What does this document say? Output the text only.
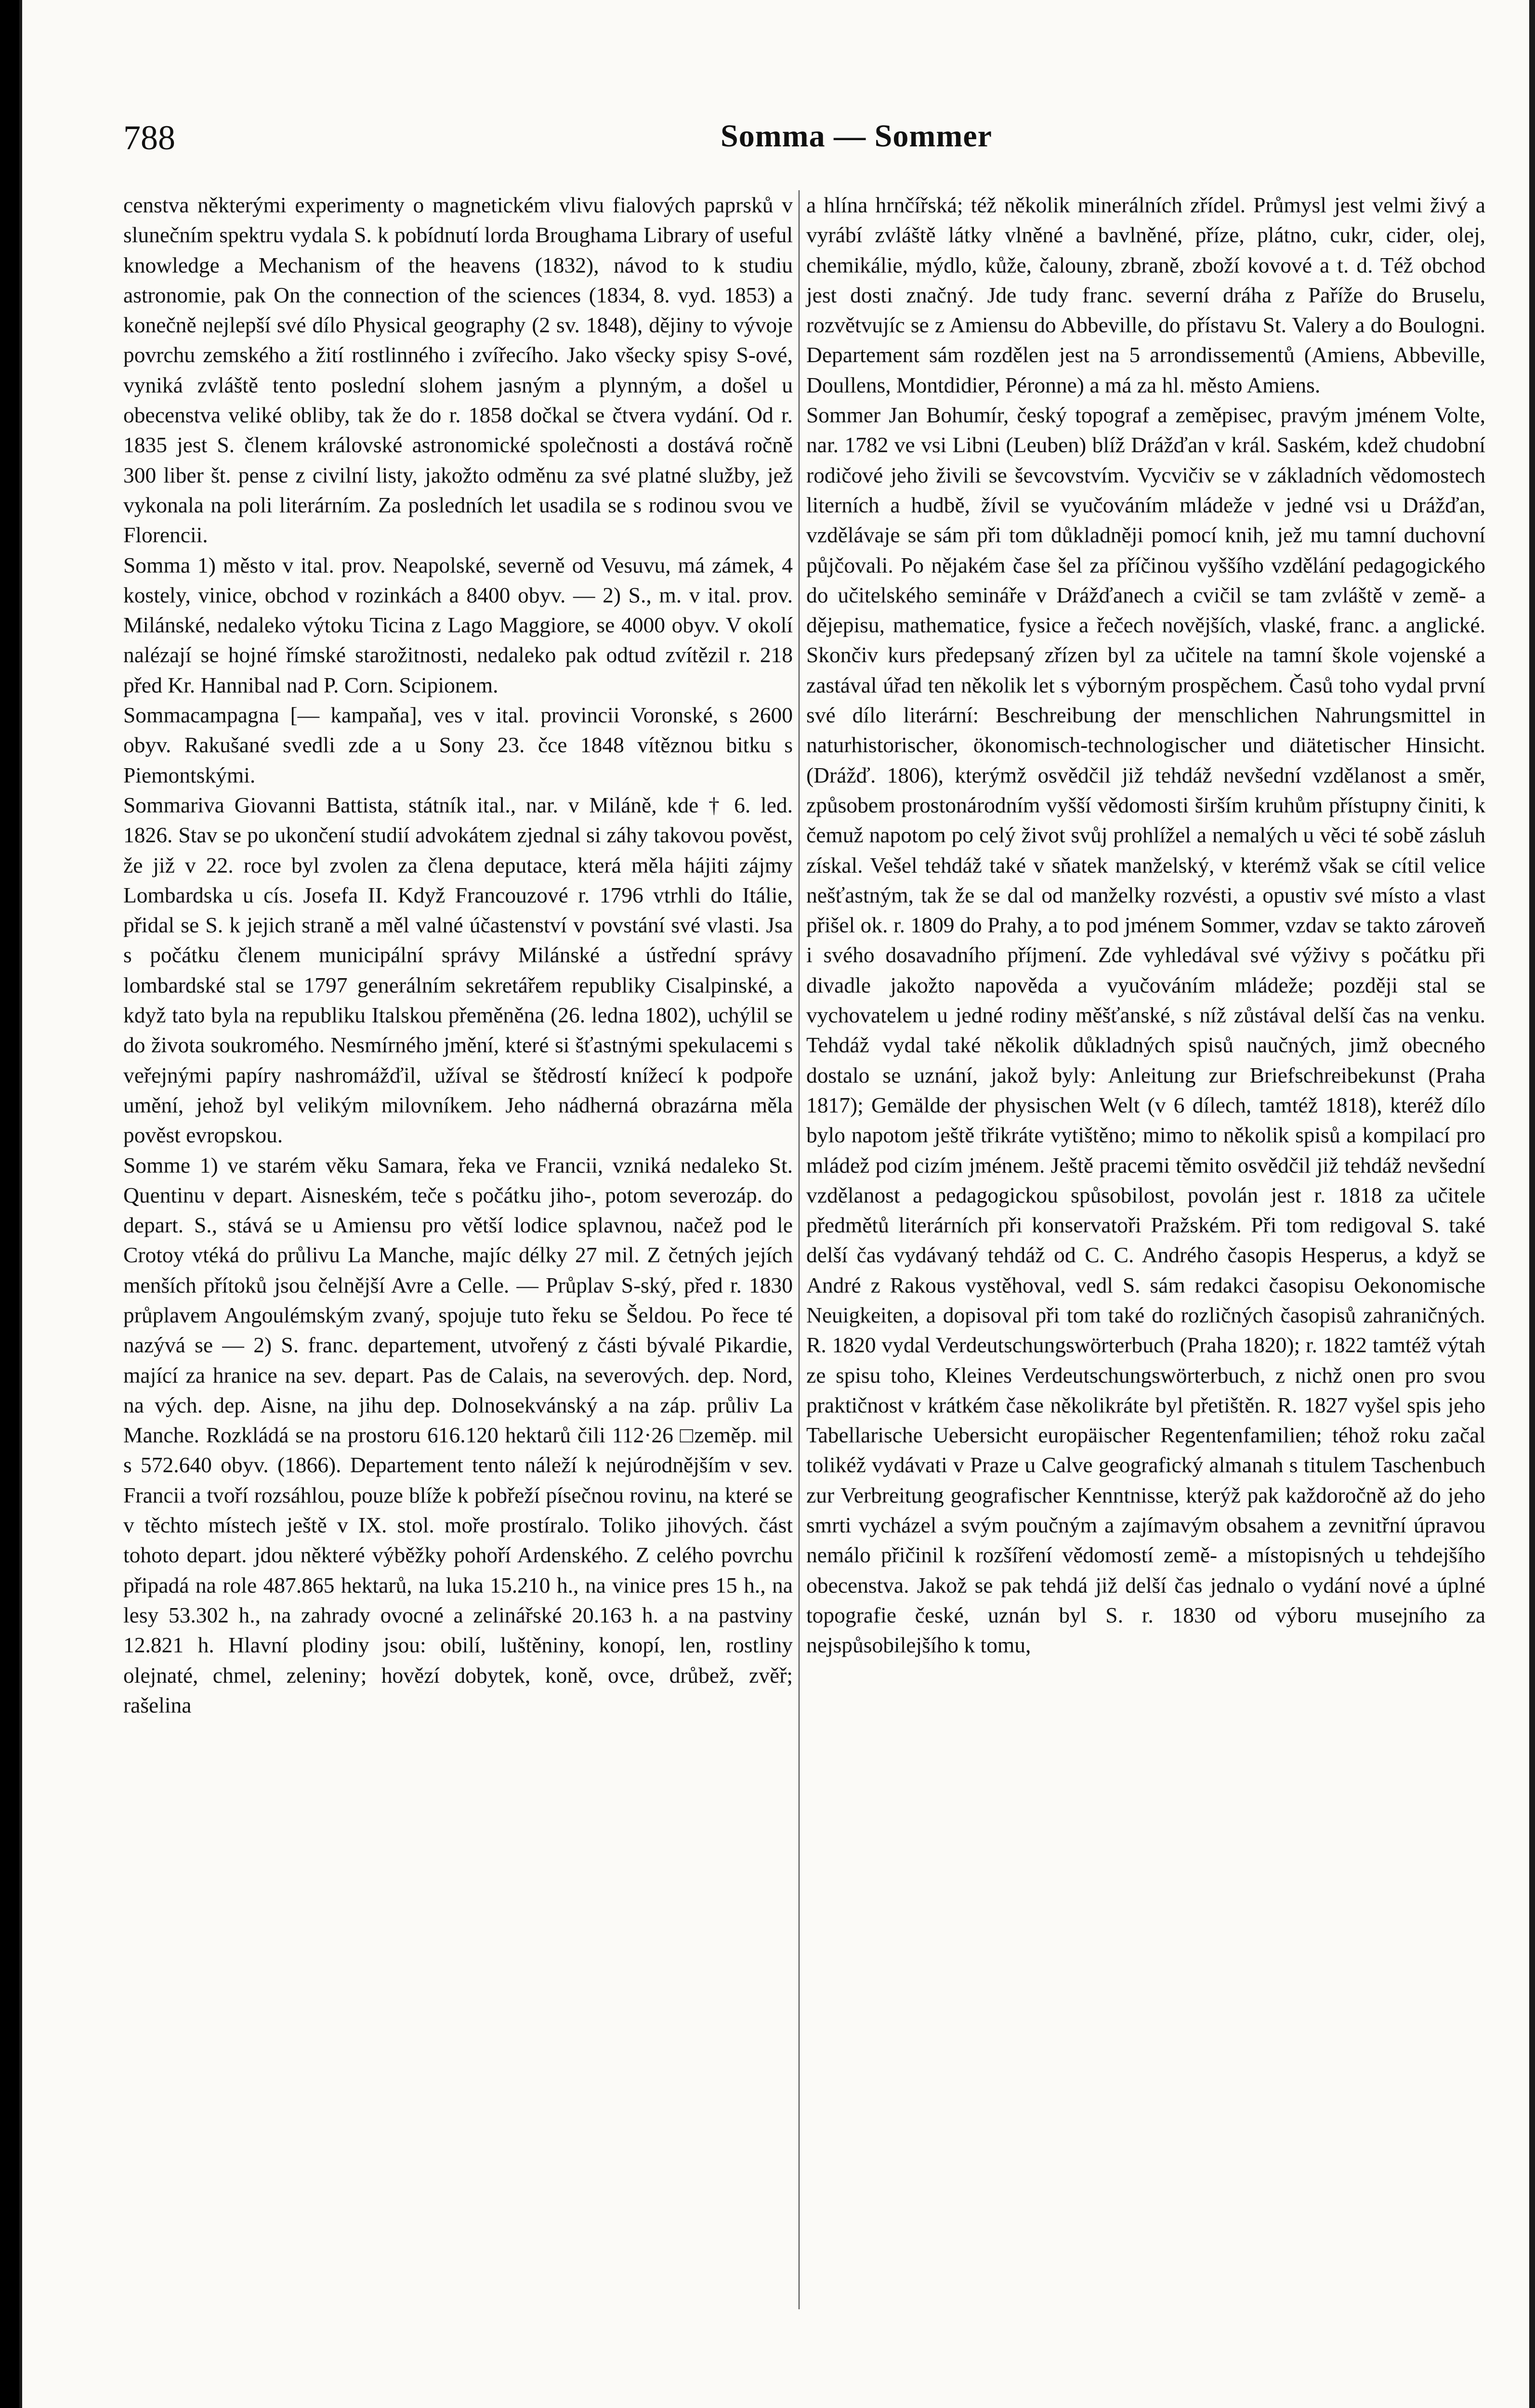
788	Somma — Sommer

censtva některými experimenty o magnetickém vlivu fialových paprsků v slunečním spektru vydala S. k pobídnutí lorda Broughama Library of useful knowledge a Mechanism of the heavens (1832), návod to k studiu astronomie, pak On the connection of the sciences (1834, 8. vyd. 1853) a konečně nejlepší své dílo Physical geography (2 sv. 1848), dějiny to vývoje povrchu zemského a žití rostlinného i zvířecího. Jako všecky spisy S-ové, vyniká zvláště tento poslední slohem jasným a plynným, a došel u obecenstva veliké obliby, tak že do r. 1858 dočkal se čtvera vydání. Od r. 1835 jest S. členem královské astronomické společnosti a dostává ročně 300 liber št. pense z civilní listy, jakožto odměnu za své platné služby, jež vykonala na poli literárním. Za posledních let usadila se s rodinou svou ve Florencii.

Somma 1) město v ital. prov. Neapolské, severně od Vesuvu, má zámek, 4 kostely, vinice, obchod v rozinkách a 8400 obyv. — 2) S., m. v ital. prov. Milánské, nedaleko výtoku Ticina z Lago Maggiore, se 4000 obyv. V okolí nalézají se hojné římské starožitnosti, nedaleko pak odtud zvítězil r. 218 před Kr. Hannibal nad P. Corn. Scipionem.

Sommacampagna [— kampaňa], ves v ital. provincii Voronské, s 2600 obyv. Rakušané svedli zde a u Sony 23. čce 1848 vítěznou bitku s Piemontskými.

Sommariva Giovanni Battista, státník ital., nar. v Miláně, kde † 6. led. 1826. Stav se po ukončení studií advokátem zjednal si záhy takovou pověst, že již v 22. roce byl zvolen za člena deputace, která měla hájiti zájmy Lombardska u cís. Josefa II. Když Francouzové r. 1796 vtrhli do Itálie, přidal se S. k jejich straně a měl valné účastenství v povstání své vlasti. Jsa s počátku členem municipální správy Milánské a ústřední správy lombardské stal se 1797 generálním sekretářem republiky Cisalpinské, a když tato byla na republiku Italskou přeměněna (26. ledna 1802), uchýlil se do života soukromého. Nesmírného jmění, které si šťastnými spekulacemi s veřejnými papíry nashromážďil, užíval se štědrostí knížecí k podpoře umění, jehož byl velikým milovníkem. Jeho nádherná obrazárna měla pověst evropskou.

Somme 1) ve starém věku Samara, řeka ve Francii, vzniká nedaleko St. Quentinu v depart. Aisneském, teče s počátku jiho-, potom severozáp. do depart. S., stává se u Amiensu pro větší lodice splavnou, načež pod le Crotoy vtéká do průlivu La Manche, majíc délky 27 mil. Z četných jejích menších přítoků jsou čelnější Avre a Celle. — Průplav S-ský, před r. 1830 průplavem Angoulémským zvaný, spojuje tuto řeku se Šeldou. Po řece té nazývá se — 2) S. franc. departement, utvořený z části bývalé Pikardie, mající za hranice na sev. depart. Pas de Calais, na severových. dep. Nord, na vých. dep. Aisne, na jihu dep. Dolnosekvánský a na záp. průliv La Manche. Rozkládá se na prostoru 616.120 hektarů čili 112·26 □zeměp. mil s 572.640 obyv. (1866). Departement tento náleží k nejúrodnějším v sev. Francii a tvoří rozsáhlou, pouze blíže k pobřeží písečnou rovinu, na které se v těchto místech ještě v IX. stol. moře prostíralo. Toliko jihových. část tohoto depart. jdou některé výběžky pohoří Ardenského. Z celého povrchu připadá na role 487.865 hektarů, na luka 15.210 h., na vinice pres 15 h., na lesy 53.302 h., na zahrady ovocné a zelinářské 20.163 h. a na pastviny 12.821 h. Hlavní plodiny jsou: obilí, luštěniny, konopí, len, rostliny olejnaté, chmel, zeleniny; hovězí dobytek, koně, ovce, drůbež, zvěř; rašelina

a hlína hrnčířská; též několik minerálních zřídel. Průmysl jest velmi živý a vyrábí zvláště látky vlněné a bavlněné, příze, plátno, cukr, cider, olej, chemikálie, mýdlo, kůže, čalouny, zbraně, zboží kovové a t. d. Též obchod jest dosti značný. Jde tudy franc. severní dráha z Paříže do Bruselu, rozvětvujíc se z Amiensu do Abbeville, do přístavu St. Valery a do Boulogni. Departement sám rozdělen jest na 5 arrondissementů (Amiens, Abbeville, Doullens, Montdidier, Péronne) a má za hl. město Amiens.

Sommer Jan Bohumír, český topograf a zeměpisec, pravým jménem Volte, nar. 1782 ve vsi Libni (Leuben) blíž Drážďan v král. Saském, kdež chudobní rodičové jeho živili se ševcovstvím. Vycvičiv se v základních vědomostech literních a hudbě, žívil se vyučováním mládeže v jedné vsi u Drážďan, vzdělávaje se sám při tom důkladněji pomocí knih, jež mu tamní duchovní půjčovali. Po nějakém čase šel za příčinou vyššího vzdělání pedagogického do učitelského semináře v Drážďanech a cvičil se tam zvláště v země- a dějepisu, mathematice, fysice a řečech novějších, vlaské, franc. a anglické. Skončiv kurs předepsaný zřízen byl za učitele na tamní škole vojenské a zastával úřad ten několik let s výborným prospěchem. Časů toho vydal první své dílo literární: Beschreibung der menschlichen Nahrungsmittel in naturhistorischer, ökonomisch-technologischer und diätetischer Hinsicht. (Drážď. 1806), kterýmž osvědčil již tehdáž nevšední vzdělanost a směr, způsobem prostonárodním vyšší vědomosti širším kruhům přístupny činiti, k čemuž napotom po celý život svůj prohlížel a nemalých u věci té sobě zásluh získal. Vešel tehdáž také v sňatek manželský, v kterémž však se cítil velice nešťastným, tak že se dal od manželky rozvésti, a opustiv své místo a vlast přišel ok. r. 1809 do Prahy, a to pod jménem Sommer, vzdav se takto zároveň i svého dosavadního příjmení. Zde vyhledával své výživy s počátku při divadle jakožto napovědа a vyučováním mládeže; později stal se vychovatelem u jedné rodiny měšťanské, s níž zůstával delší čas na venku. Tehdáž vydal také několik důkladných spisů naučných, jimž obecného dostalo se uznání, jakož byly: Anleitung zur Briefschreibekunst (Praha 1817); Gemälde der physischen Welt (v 6 dílech, tamtéž 1818), kteréž dílo bylo napotom ještě třikráte vytištěno; mimo to několik spisů a kompilací pro mládež pod cizím jménem. Ještě pracemi těmito osvědčil již tehdáž nevšední vzdělanost a pedagogickou spůsobilost, povolán jest r. 1818 za učitele předmětů literárních při konservatoři Pražském. Při tom redigoval S. také delší čas vydávaný tehdáž od C. C. Andrého časopis Hesperus, a když se André z Rakous vystěhoval, vedl S. sám redakci časopisu Oekonomische Neuigkeiten, a dopisoval při tom také do rozličných časopisů zahraničných. R. 1820 vydal Verdeutschungswörterbuch (Praha 1820); r. 1822 tamtéž výtah ze spisu toho, Kleines Verdeutschungswörterbuch, z nichž onen pro svou praktičnost v krátkém čase několikráte byl přetištěn. R. 1827 vyšel spis jeho Tabellarische Uebersicht europäischer Regentenfamilien; téhož roku začal tolikéž vydávati v Praze u Calve geografický almanah s titulem Taschenbuch zur Verbreitung geografischer Kenntnisse, kterýž pak každoročně až do jeho smrti vycházel a svým poučným a zajímavým obsahem a zevnitřní úpravou nemálo přičinil k rozšíření vědomostí země- a místopisných u tehdejšího obecenstva. Jakož se pak tehdá již delší čas jednalo o vydání nové a úplné topografie české, uznán byl S. r. 1830 od výboru musejního za nejspůsobilejšího k tomu,
